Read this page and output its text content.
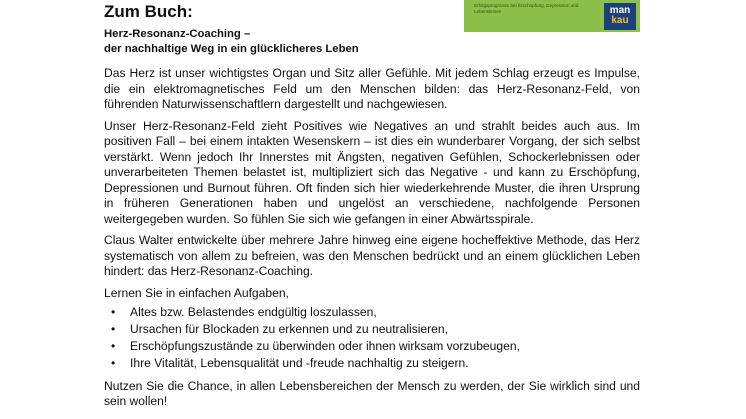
Zum Buch:	Erfolgsprogramm bei Erschöpfung, Depression und Lebenskrisen	man
kau
Herz-Resonanz-Coaching –
der nachhaltige Weg in ein glücklicheres Leben

Das Herz ist unser wichtigstes Organ und Sitz aller Gefühle. Mit jedem Schlag erzeugt es Impulse, die ein elektromagnetisches Feld um den Menschen bilden: das Herz-Resonanz-Feld, von führenden Naturwissenschaftlern dargestellt und nachgewiesen.

Unser Herz-Resonanz-Feld zieht Positives wie Negatives an und strahlt beides auch aus. Im positiven Fall – bei einem intakten Wesenskern – ist dies ein wunderbarer Vorgang, der sich selbst verstärkt. Wenn jedoch Ihr Innerstes mit Ängsten, negativen Gefühlen, Schockerlebnissen oder unverarbeiteten Themen belastet ist, multipliziert sich das Negative - und kann zu Erschöpfung, Depressionen und Burnout führen. Oft finden sich hier wiederkehrende Muster, die ihren Ursprung in früheren Generationen haben und ungelöst an verschiedene, nachfolgende Personen weitergegeben wurden. So fühlen Sie sich wie gefangen in einer Abwärtsspirale.

Claus Walter entwickelte über mehrere Jahre hinweg eine eigene hocheffektive Methode, das Herz systematisch von allem zu befreien, was den Menschen bedrückt und an einem glücklichen Leben hindert: das Herz-Resonanz-Coaching.

Lernen Sie in einfachen Aufgaben,

• Altes bzw. Belastendes endgültig loszulassen,
• Ursachen für Blockaden zu erkennen und zu neutralisieren,
• Erschöpfungszustände zu überwinden oder ihnen wirksam vorzubeugen,
• Ihre Vitalität, Lebensqualität und -freude nachhaltig zu steigern.

Nutzen Sie die Chance, in allen Lebensbereichen der Mensch zu werden, der Sie wirklich sind und sein wollen!
